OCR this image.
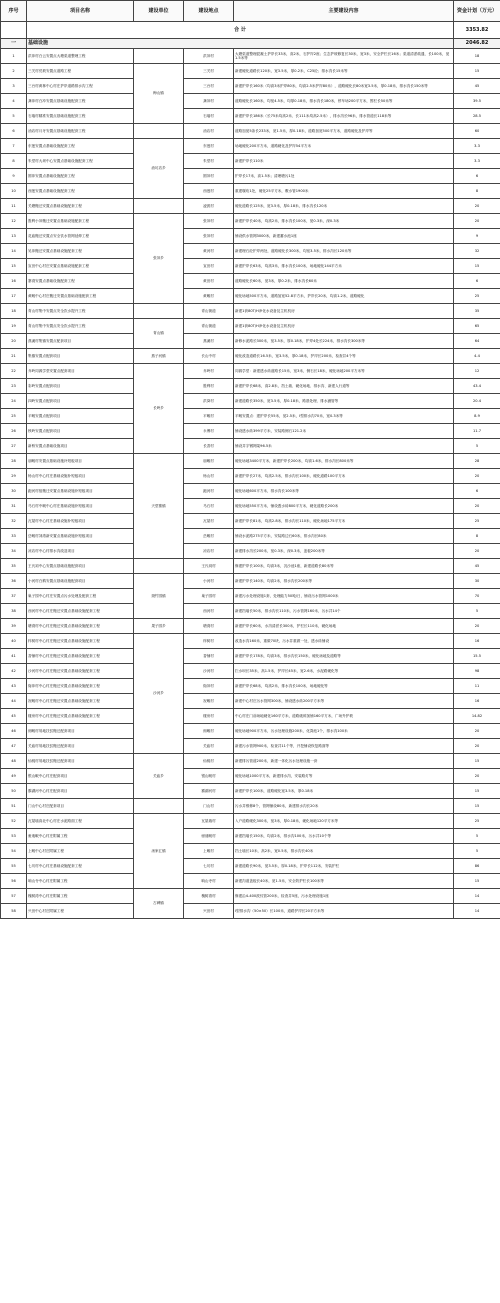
序号	项目名称	建设单位	建设地点	主要建设内容	资金计划（万元）
	合 计				3353.82
一	基础设施				2046.82
1	洪冲村白云安置点大塘渠道整理工程		洪冲村	大塘渠道整理混凝土护岸长33米，高2米，石护岸2座；生态护坡修复长30米，宽3米，安全护栏长16米；渠道清淤疏通，长100米，宽1.5米等	18
2	三关村荒坡安置点道路工程	梅山镇	三关村	新建硬化道路长120米，宽3.5米，厚0.2米，C25砼；排水沟长15米等	15
3	三台村黄林中心村庄护岸道路排水沟工程		三台村	新建护岸长160米（均高3米护岸80米，均高2.5米护岸80米），道路硬化长80米宽3.5米，厚0.18米，排水沟长150米等	45
4	龚冲村白冲安置点基础设施配套工程		龚冲村	道路硬化长160米，均宽4.5米，均厚0.18米，排水沟长180米，停车场200平方米，围栏长50米等	39.5
5	石墙村精准安置点基础设施配套工程		石墙村	新建护岸长186米（长75米均高2米、长111米均高2.5米），排水沟长96米，排水管道长118米等	28.5
6	油店村月牙安置点基础设施配套工程		油店村	道路加宽5条长233米，宽1.5米，厚0.18米，道路加宽500平方米，道路硬化及护岸等	60
7	东莲安置点基础设施配套工程	油坊店乡	东莲村	场地硬化200平方米，道路硬化及护岸54平方米	3.3
8	朱堂村大坝中心安置点基础设施配套工程		朱堂村	新建护岸长110米	3.3
9	圆冲安置点基础设施配套工程		圆冲村	护岸长17米，高1.5米；清理塘污1处	6
10	西莲安置点基础设施配套工程		西莲村	重建堰坎1处，硬化25平方米，敷水管1900米	8
11	关塘搬迁安置点基础设施配套工程		凌波村	硬化道路长125米，宽3.5米，厚0.18米，排水沟长120米	20
12	胜利小冲搬迁安置点基础设施配套工程	张冲乡	张冲村	新建护岸长40米，均高2米，排水沟长100米，宽0.3米，深0.3米	20
13	花庙搬迁安置点安全饮水管网延伸工程		张冲村	铺设供水管网3000米，新建蓄水池1座	9
14	吴冲搬迁安置点基础设施配套工程		黄河村	新建理石砼护岸两处，道路硬化长300米，均宽3.5米，排水沟长120米等	32
15	宣田中心村庄安置点基础设施配套工程		宣田村	新建护岸长63米，均高3米，排水沟长100米，场地硬化144平方米	15
16	寨湾安置点基础设施配套工程		黄田村	道路硬化长60米，宽3米，厚0.2米，排水沟长60米	6
17	黄畈中心村庄搬迁安置点基础设施配套工程		黄畈村	硬化场地500平方米，道路加宽52.8平方米，护岸长20米，均高1.2米，道路硬化	25
18	青山村集中安置点安全饮水提升工程		青山街道	新建1套80T/H净化水设备及主机机房	35
19	青山村集中安置点安全饮水提升工程	青山镇	青山街道	新建1套80T/H净化水设备及主机机房	65
20	燕溪村集镇安置点配套项目		燕溪村	新修水泥路长300米，宽3.5米，厚0.18米，护岸4处长224米，排水沟长300米等	64
21	集镇安置点配套项目	燕子河镇	长山中村	硬化改造道路长16.5米，宽3.5米，厚0.18米，护岸长200米，检查井4个等	4.4
22	乔岭同源学堂安置点配套项目	长岭乡	乔岭村	同源学堂：新建透水砖道路长15米，宽3米，侧石长18米，硬化场地200平方米等	12
23	彩岭安置点配套项目		胜利村	新建护岸长68米，高2.8米，挡土墙、硬化场地、排水沟、新建人行道等	43.4
24	四岭安置点配套项目		洪岗村	新建道路长350米，宽3.5米，厚0.18米，路基处理、排水涵管等	20.4
25	平畈安置点配套项目		平畈村	平畈安置点：建护岸长55米，宽2.5米，I型排水沟70米，宽0.3米等	8.9
26	核岭安置点配套项目		永傅村	铺设透水砖399平方米，安装路侧石121.2米	11.7
27	新桥安置点基础设施项目		长香村	铺设井字钢网架96.5米	5
28	朋畈村安置点基础设施补短板项目	天堂寨镇	朋畈村	硬化场地3400平方米，新建护岸长200米，均高1.6米，排水沟长800米等	28
29	杨山村中心村庄基础设施补短板项目		杨山村	新建护岸长27米，均高2.5米，排水沟长100米，硬化道路100平方米	20
30	跑河村组搬迁安置点基础设施补短板项目		跑河村	硬化场地600平方米，排水沟长100米等	6
31	马石村中畈中心村庄基础设施补短板项目		马石村	硬化场地550平方米，铺设透水砖800平方米，硬化道路长200米	20
32	瓦屋村中心村庄基础设施补短板项目		瓦屋村	新建护岸长81米，均高2.8米，排水沟长110米，硬化场地175平方米	25
33	岳畈村刘湾新安置点基础设施补短板项目		岳畈村	铺设水泥路275平方米，安装路边石60米，排水沟长80米	8
34	凉店村中心村排水沟改造项目		凉店村	新建排水沟长200米，宽0.3米，深0.3米，盖板200米等	20
35	王氏祠中心安置点基础设施配套项目		王氏祠村	修建护岸长100米，均高3米，沉沙池1座，新建道路长80米等	45
36	小河村白鹤安置点基础设施配套项目	斑竹园镇	小河村	新建护岸长140米，均高2米，排水沟长200米等	30
37	巢子园中心村庄安置点污水处理及配套工程		巢子园村	新建污水处理设施1套，处理能力50吨/日，铺设污水管网1000米	70
38	西河村中心村庄搬迁安置点基础设施配套工程		西河村	新建挡墙长50米，排水沟长110米，污水管网160米，污水井14个	5
39	塘湾村中心村庄搬迁安置点基础设施配套工程	果子园乡	塘湾村	新建护岸长60米，水沟清淤长300米，护栏长110米，硬化场地	20
40	梓树村中心村庄搬迁安置点基础设施配套工程	沙河乡	梓树村	改造水沟160米，重做70块，污水井重做一处，透水砖铺设	16
41	香铺村中心村庄搬迁安置点基础设施配套工程		香铺村	新建护岸长178米，均高3米，排水沟长150米，硬化场地及道路等	15.5
42	沙河村中心村庄搬迁安置点基础设施配套工程		沙河村	拦水坝长35米，高1.5米，护岸长45米，宽2.6米，水泥路硬化等	98
43	衙冲村中心村庄搬迁安置点基础设施配套工程		衙冲村	新建护岸长68米，均高2米，排水沟长100米，场地硬化等	11
44	祝畈村中心村庄搬迁安置点基础设施配套工程		祝畈村	新建中心村庄污水管网300米，铺设透水砖200平方米等	16
45	楼房村中心村庄搬迁安置点基础设施配套工程		楼房村	中心村庄门前场地硬化160平方米，道路破碎加铺160平方米，广场外护坡	14.82
46	朗畈村易地扶贫搬迁配套项目		朗畈村	硬化场地900平方米，污水处理设施200米，化粪池1个，排水沟100米	20
47	关庙村易地扶贫搬迁配套项目		关庙村	新建污水管网900米，检查井11个等，开挖铺设恢复路面等	20
48	仙桃村易地扶贫搬迁配套项目	关庙乡	仙桃村	新建排污管道200米，新建一体化污水处理设施一套	15
49	银山畈中心村庄配套项目		银山畈村	硬化场地1000平方米，新建排水沟，安装路灯等	20
50	霸湖河中心村庄配套项目		霸湖河村	新建护岸长100米，道路硬化宽3.5米，厚0.18米	15
51	门山中心村庄配套项目		门山村	污水井维修8个，管网铺设80米，新建排水沟长20米	15
52	瓦屋墙高北中心村庄水泥路面工程	汤家汇镇	瓦屋墙村	入户道路硬化300米，宽3米，厚0.18米，硬化场地120平方米等	25
53	驸迪畈中心村庄附属工程		驸迪畈村	新建挡墙长150米，均高2米，排水沟100米，污水井10个等	5
54	上畈中心村庄附属工程		上畈村	挡土墙长10米，高2米，宽0.5米，排水沟长40米	5
55	七坊村中心村庄基础设施配套工程		七坊村	新建道路长90米，宽3.5米，厚0.18米，护岸长112米，安装护栏	86
56	响山寺中心村庄附属工程		响山寺村	新建沟道盖板长40米，宽1.5米，安全防护栏长100米等	15
57	槐树湾中心村庄附属工程	古碑镇	槐树湾村	修建沿4-400波纹管200米，检查井5座，污水处理设施1座	14
58	兴田中心村庄附属工程		兴田村	I型排水沟（50×50）长100米，道路护岸长20平方米等	14
